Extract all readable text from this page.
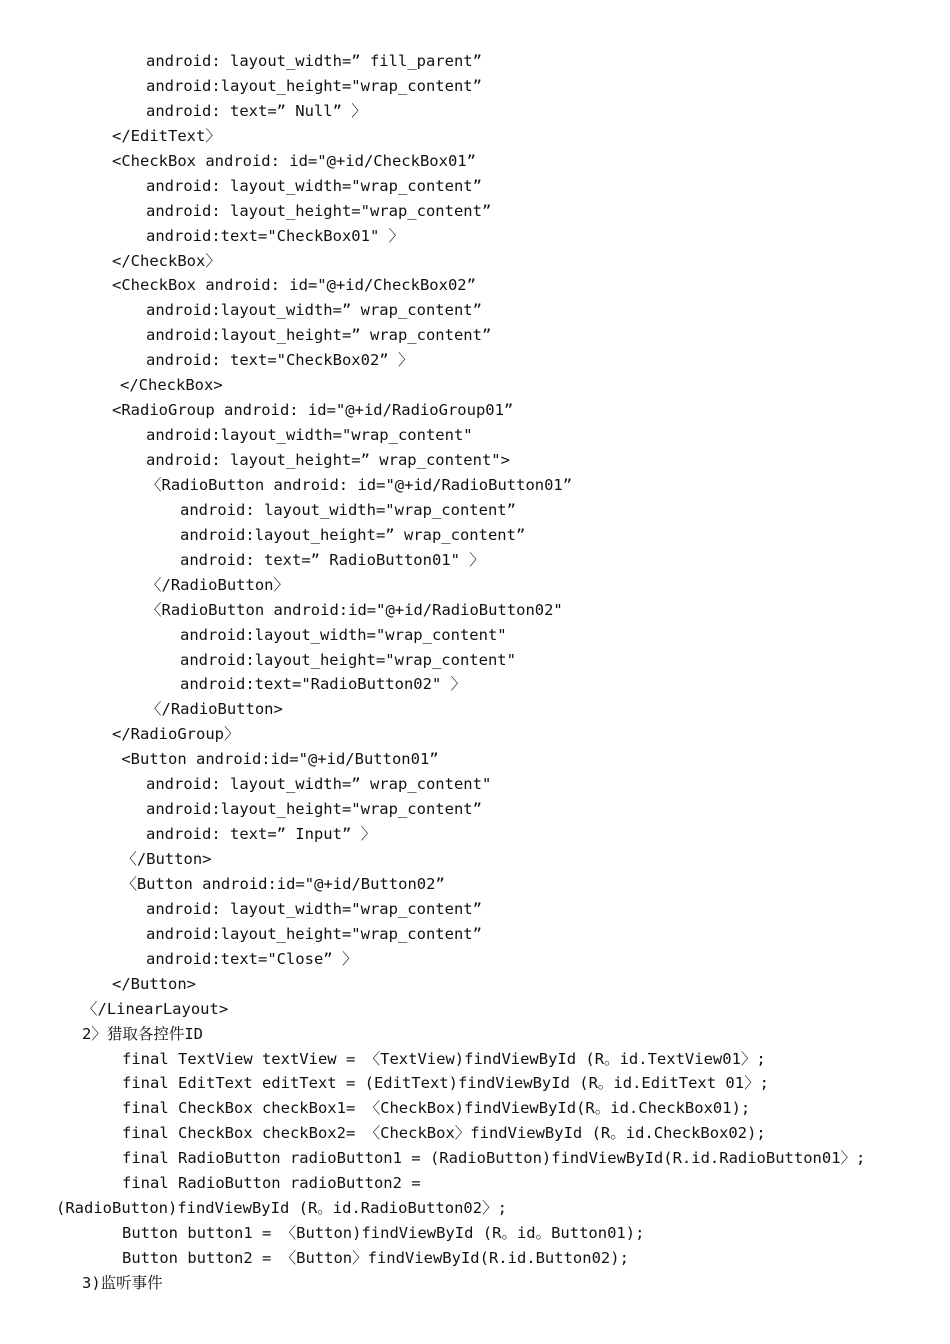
android: layout_width=” fill_parent”
android:layout_height="wrap_content”
android: text=” Null” 〉
</EditText〉
<CheckBox android: id="@+id/CheckBox01”
android: layout_width="wrap_content”
android: layout_height="wrap_content”
android:text="CheckBox01" 〉
</CheckBox〉
<CheckBox android: id="@+id/CheckBox02”
android:layout_width=” wrap_content”
android:layout_height=” wrap_content”
android: text="CheckBox02” 〉
</CheckBox>
<RadioGroup android: id="@+id/RadioGroup01”
android:layout_width="wrap_content"
android: layout_height=” wrap_content">
〈RadioButton android: id="@+id/RadioButton01”
android: layout_width="wrap_content”
android:layout_height=” wrap_content”
android: text=” RadioButton01" 〉
〈/RadioButton〉
〈RadioButton android:id="@+id/RadioButton02"
android:layout_width="wrap_content"
android:layout_height="wrap_content"
android:text="RadioButton02" 〉
〈/RadioButton>
</RadioGroup〉
<Button android:id="@+id/Button01”
android: layout_width=” wrap_content"
android:layout_height="wrap_content”
android: text=” Input” 〉
〈/Button>
〈Button android:id="@+id/Button02”
android: layout_width="wrap_content”
android:layout_height="wrap_content”
android:text="Close” 〉
</Button>
〈/LinearLayout>
2〉猎取各控件ID
final TextView textView = 〈TextView)findViewById (R。id.TextView01〉;
final EditText editText = (EditText)findViewById (R。id.EditText 01〉;
final CheckBox checkBox1= 〈CheckBox)findViewById(R。id.CheckBox01);
final CheckBox checkBox2= 〈CheckBox〉findViewById (R。id.CheckBox02);
final RadioButton radioButton1 = (RadioButton)findViewById(R.id.RadioButton01〉;
final RadioButton radioButton2 =
(RadioButton)findViewById (R。id.RadioButton02〉;
Button button1 = 〈Button)findViewById (R。id。Button01);
Button button2 = 〈Button〉findViewById(R.id.Button02);
3)监听事件
